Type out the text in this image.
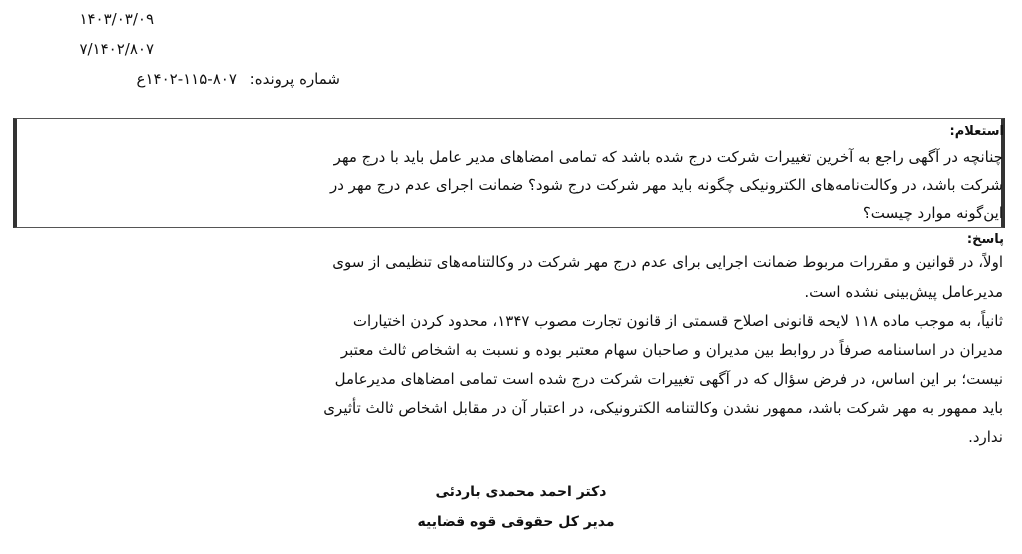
۱۴۰۳/۰۳/۰۹
۷/۱۴۰۲/۸۰۷
شماره پرونده: ۸۰۷-۱۱۵-۱۴۰۲ع
استعلام:
چنانچه در آگهی راجع به آخرین تغییرات شرکت درج شده باشد که تمامی امضاهای مدیر عامل باید با درج مهر
شرکت باشد، در وکالت‌نامه‌های الکترونیکی چگونه باید مهر شرکت درج شود؟ ضمانت اجرای عدم درج مهر در
این‌گونه موارد چیست؟
پاسخ:
اولاً، در قوانین و مقررات مربوط ضمانت اجرایی برای عدم درج مهر شرکت در وکالتنامه‌های تنظیمی از سوی
مدیرعامل پیش‌بینی نشده است.
ثانیاً، به موجب ماده ۱۱۸ لایحه قانونی اصلاح قسمتی از قانون تجارت مصوب ۱۳۴۷، محدود کردن اختیارات
مدیران در اساسنامه صرفاً در روابط بین مدیران و صاحبان سهام معتبر بوده و نسبت به اشخاص ثالث معتبر
نیست؛ بر این اساس، در فرض سؤال که در آگهی تغییرات شرکت درج شده است تمامی امضاهای مدیرعامل
باید ممهور به مهر شرکت باشد، ممهور نشدن وکالتنامه الکترونیکی، در اعتبار آن در مقابل اشخاص ثالث تأثیری
ندارد.
دکتر احمد محمدی باردئی
مدیر کل حقوقی قوه قضاییه
